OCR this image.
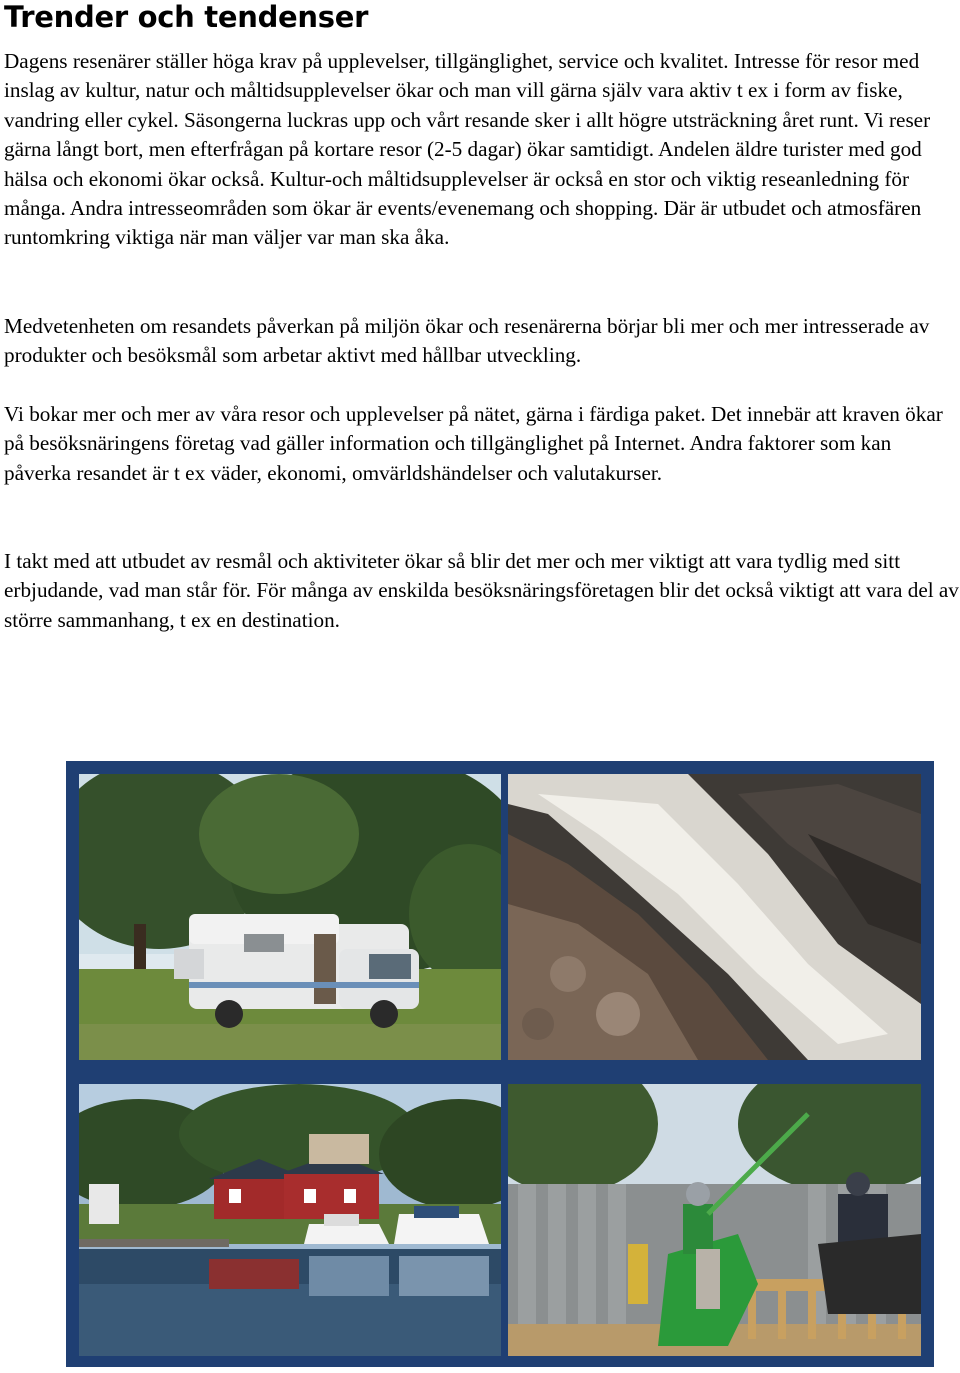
Trender och tendenser

Dagens resenärer ställer höga krav på upplevelser, tillgänglighet, service och kvalitet. Intresse för resor med inslag av kultur, natur och måltidsupplevelser ökar och man vill gärna själv vara aktiv t ex i form av fiske, vandring eller cykel. Säsongerna luckras upp och vårt resande sker i allt högre utsträckning året runt. Vi reser gärna långt bort, men efterfrågan på kortare resor (2-5 dagar) ökar samtidigt. Andelen äldre turister med god hälsa och ekonomi ökar också. Kultur-och måltidsupplevelser är också en stor och viktig reseanledning för många. Andra intresseområden som ökar är events/evenemang och shopping. Där är utbudet och atmosfären runtomkring viktiga när man väljer var man ska åka.

Medvetenheten om resandets påverkan på miljön ökar och resenärerna börjar bli mer och mer intresserade av produkter och besöksmål som arbetar aktivt med hållbar utveckling.

Vi bokar mer och mer av våra resor och upplevelser på nätet, gärna i färdiga paket. Det innebär att kraven ökar på besöksnäringens företag vad gäller information och tillgänglighet på Internet. Andra faktorer som kan påverka resandet är t ex väder, ekonomi, omvärldshändelser och valutakurser.

I takt med att utbudet av resmål och aktiviteter ökar så blir det mer och mer viktigt att vara tydlig med sitt erbjudande, vad man står för. För många av enskilda besöksnäringsföretagen blir det också viktigt att vara del av större sammanhang, t ex en destination.
